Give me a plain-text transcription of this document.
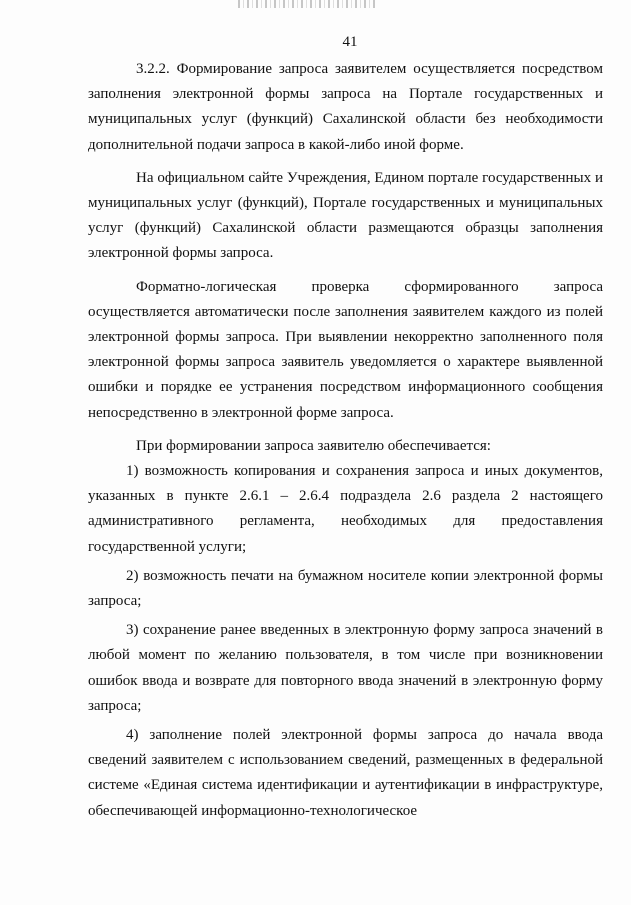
41

3.2.2. Формирование запроса заявителем осуществляется посредством заполнения электронной формы запроса на Портале государственных и муниципальных услуг (функций) Сахалинской области без необходимости дополнительной подачи запроса в какой-либо иной форме.

На официальном сайте Учреждения, Едином портале государственных и муниципальных услуг (функций), Портале государственных и муниципальных услуг (функций) Сахалинской области размещаются образцы заполнения электронной формы запроса.

Форматно-логическая проверка сформированного запроса осуществляется автоматически после заполнения заявителем каждого из полей электронной формы запроса. При выявлении некорректно заполненного поля электронной формы запроса заявитель уведомляется о характере выявленной ошибки и порядке ее устранения посредством информационного сообщения непосредственно в электронной форме запроса.

При формировании запроса заявителю обеспечивается:

1) возможность копирования и сохранения запроса и иных документов, указанных в пункте 2.6.1 – 2.6.4 подраздела 2.6 раздела 2 настоящего административного регламента, необходимых для предоставления государственной услуги;

2) возможность печати на бумажном носителе копии электронной формы запроса;

3) сохранение ранее введенных в электронную форму запроса значений в любой момент по желанию пользователя, в том числе при возникновении ошибок ввода и возврате для повторного ввода значений в электронную форму запроса;

4) заполнение полей электронной формы запроса до начала ввода сведений заявителем с использованием сведений, размещенных в федеральной системе «Единая система идентификации и аутентификации в инфраструктуре, обеспечивающей информационно-технологическое
